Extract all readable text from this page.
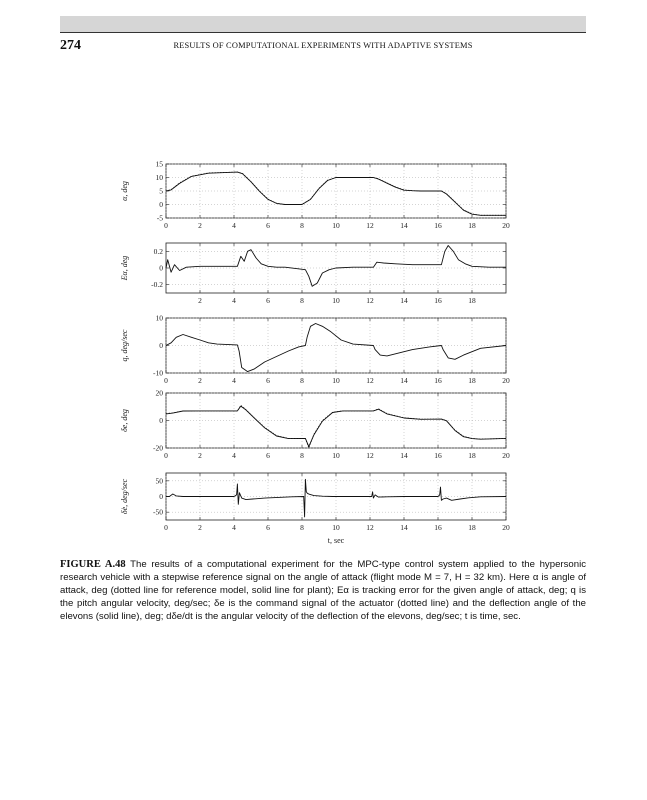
274	RESULTS OF COMPUTATIONAL EXPERIMENTS WITH ADAPTIVE SYSTEMS
0	2	4	6	8	10	12	14	16	18	20
15
10
5
0
-5
α, deg
2	4	6	8	10	12	14	16	18
0.2
0
-0.2
Eα, deg
0	2	4	6	8	10	12	14	16	18	20
10
0
-10
q, deg/sec
0	2	4	6	8	10	12	14	16	18	20
20
0
-20
δe, deg
0	2	4	6	8	10	12	14	16	18	20
50
0
-50
δ̇e, deg/sec
t, sec
FIGURE A.48 The results of a computational experiment for the MPC-type control system applied to the hypersonic research vehicle with a stepwise reference signal on the angle of attack (flight mode M = 7, H = 32 km). Here α is angle of attack, deg (dotted line for reference model, solid line for plant); Eα is tracking error for the given angle of attack, deg; q is the pitch angular velocity, deg/sec; δe is the command signal of the actuator (dotted line) and the deflection angle of the elevons (solid line), deg; dδe/dt is the angular velocity of the deflection of the elevons, deg/sec; t is time, sec.
